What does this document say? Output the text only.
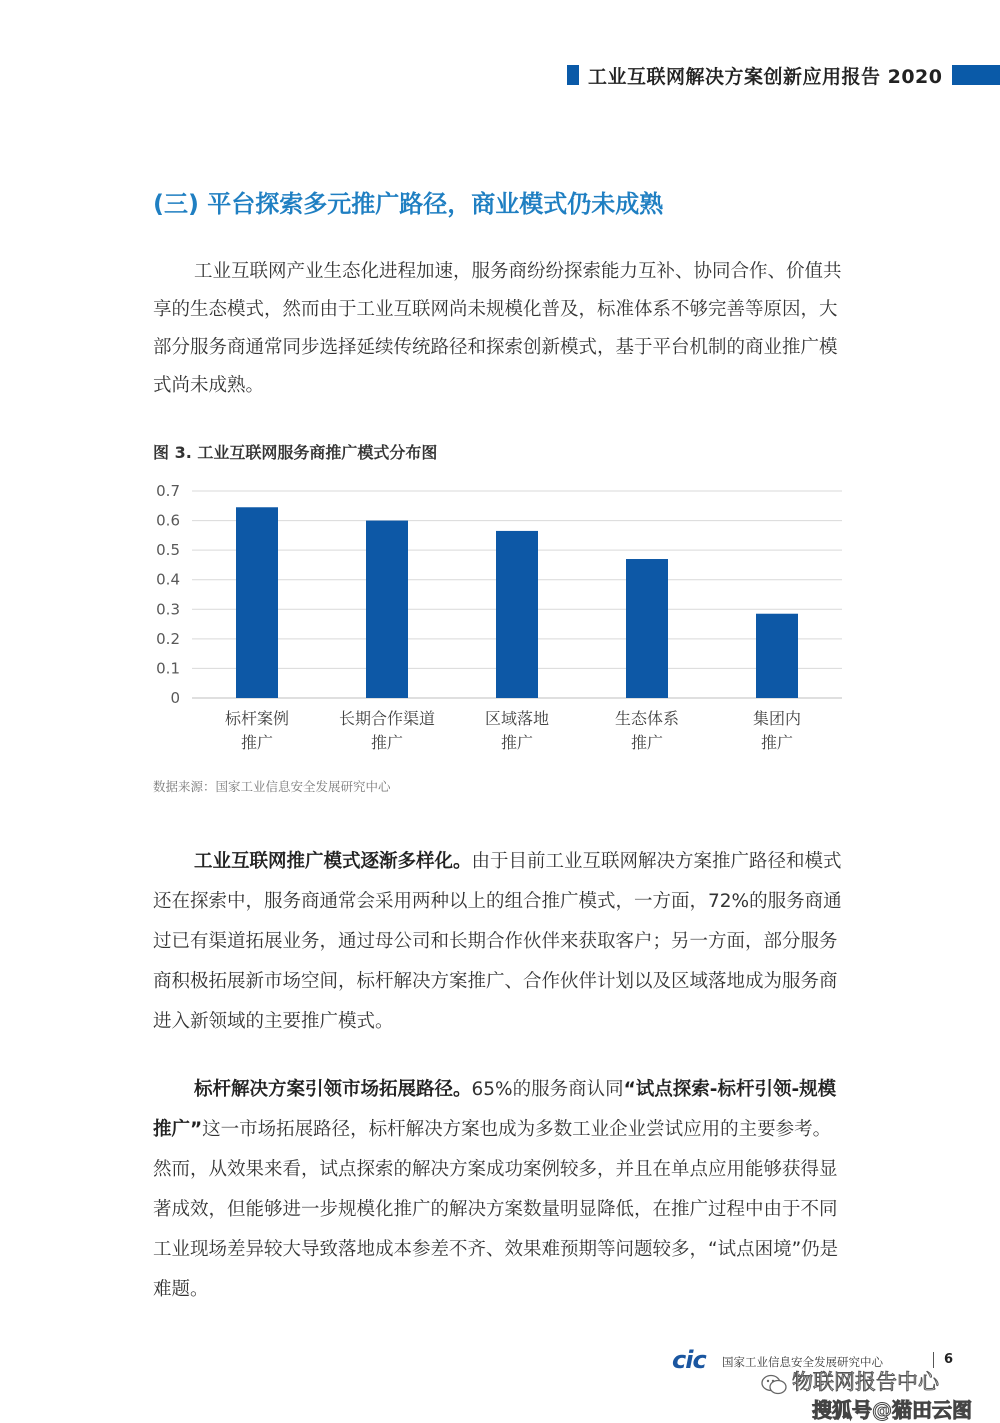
工业互联网解决方案创新应用报告 2020
(三) 平台探索多元推广路径，商业模式仍未成熟

工业互联网产业生态化进程加速，服务商纷纷探索能力互补、协同合作、价值共享的生态模式，然而由于工业互联网尚未规模化普及，标准体系不够完善等原因，大部分服务商通常同步选择延续传统路径和探索创新模式，基于平台机制的商业推广模式尚未成熟。

图 3. 工业互联网服务商推广模式分布图
0
0.1
0.2
0.3
0.4
0.5
0.6
0.7
标杆案例
推广
长期合作渠道
推广
区域落地
推广
生态体系
推广
集团内
推广
数据来源：国家工业信息安全发展研究中心

工业互联网推广模式逐渐多样化。由于目前工业互联网解决方案推广路径和模式还在探索中，服务商通常会采用两种以上的组合推广模式，一方面，72%的服务商通过已有渠道拓展业务，通过母公司和长期合作伙伴来获取客户；另一方面，部分服务商积极拓展新市场空间，标杆解决方案推广、合作伙伴计划以及区域落地成为服务商进入新领域的主要推广模式。

标杆解决方案引领市场拓展路径。65%的服务商认同“试点探索-标杆引领-规模推广”这一市场拓展路径，标杆解决方案也成为多数工业企业尝试应用的主要参考。然而，从效果来看，试点探索的解决方案成功案例较多，并且在单点应用能够获得显著成效，但能够进一步规模化推广的解决方案数量明显降低，在推广过程中由于不同工业现场差异较大导致落地成本参差不齐、效果难预期等问题较多，“试点困境”仍是难题。

cic 国家工业信息安全发展研究中心	6
物联网报告中心
搜狐号@猫田云图
